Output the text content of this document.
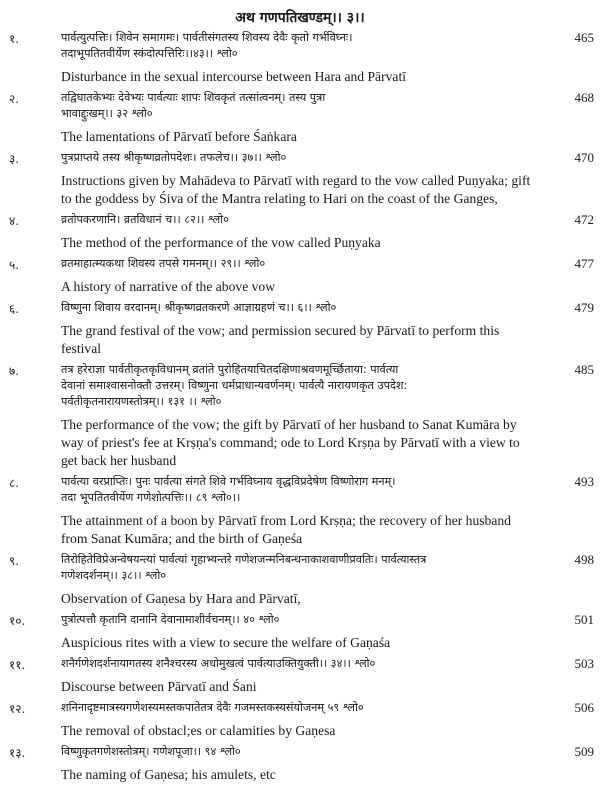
अथ गणपतिखण्डम्।। ३।।
१.	पार्वत्युत्पत्तिः। शिवेन समागमः। पार्वतीसंगतस्य शिवस्य देवैः कृतो गर्भविघ्नः।
तदाभूपतितवीर्येण स्कंदोत्पत्तिरिः।।४३।। श्लो०
465
Disturbance in the sexual intercourse between Hara and Pārvatī
२.	तद्विघातकेभ्यः देवेभ्यः पार्वत्याः शापः शिवकृतं तत्सांत्वनम्। तस्य पुत्रा
भावाद्दुःखम्।। ३२ श्लो०
468
The lamentations of Pārvatī before Śaṅkara
३.	पुत्रप्राप्तये तस्य श्रीकृष्णव्रतोपदेशः। तफलेच।। ३७।। श्लो०	470
Instructions given by Mahādeva to Pārvatī with regard to the vow called Puṇyaka; gift to the goddess by Śiva of the Mantra relating to Hari on the coast of the Ganges,
४.	व्रतोपकरणानि। व्रतविधानं च।। ८२।। श्लो०	472
The method of the performance of the vow called Puṇyaka
५.	व्रतमाहात्म्यकथा शिवस्य तपसे गमनम्।। २९।। श्लो०	477
A history of narrative of the above vow
६.	विष्णुना शिवाय वरदानम्। श्रीकृष्णव्रतकरणे आज्ञाग्रहणं च।। ६।। श्लो०	479
The grand festival of the vow; and permission secured by Pārvatī to perform this festival
७.	तत्र हरेराज्ञा पार्वतीकृतकृविधानम् व्रतांते पुरोहितयाचितदक्षिणाश्रवणमूर्च्छिताया: पार्वत्या
देवानां समाश्वासनोक्तौ उत्तरम्। विष्णुना धर्मप्राधान्यवर्णनम्। पार्वत्यै नारायणकृत उपदेश:
पर्वतीकृतनारायणस्तोत्रम्।। १३१ ।। श्लो०
485
The performance of the vow; the gift by Pārvatī of her husband to Sanat Kumāra by way of priest's fee at Krṣṇa's command; ode to Lord Krṣṇa by Pārvatī with a view to get back her husband
८.	पार्वत्या वरप्राप्तिः। पुनः पार्वत्या संगते शिवे गर्भविघ्नाय वृद्धविप्रदेषेण विष्णोराग मनम्।
तदा भूपतितवीर्येण गणेशोत्पत्तिः।। ८९ श्लो०।।
493
The attainment of a boon by Pārvatī from Lord Krṣṇa; the recovery of her husband from Sanat Kumāra; and the birth of Gaṇeśa
९.	तिरोहितेविप्रेअन्वेषयन्त्यां पार्वत्यां गृहाभ्यन्तरे गणेशजन्मनिबन्धनाकाशवाणीप्रवतिः। पार्वत्यास्तत्र
गणेशदर्शनम्।। ३८।। श्लो०
498
Observation of Gaṇesa by Hara and Pārvatī,
१०.	पुत्रोत्पत्तौ कृतानि दानानि देवानामाशीर्वचनम्।। ४० श्लो०	501
Auspicious rites with a view to secure the welfare of Gaṇaśa
११.	शनैर्गणेशदर्शनायागतस्य शनैश्चरस्य अधोमुखत्वं पार्वत्याउक्तियुक्ती।। ३४।। श्लो०	503
Discourse between Pārvatī and Śani
१२.	शनिनादृष्टमात्रस्यगणेशस्यमस्तकपातेतत्र देवैः गजमस्तकस्यसंयोजनम् ५९ श्लो०	506
The removal of obstacl;es or calamities by Gaṇesa
१३.	विष्णुकृतगणेशस्तोत्रम्। गणेशपूजा।। ९४ श्लो०	509
The naming of Gaṇesa; his amulets, etc
